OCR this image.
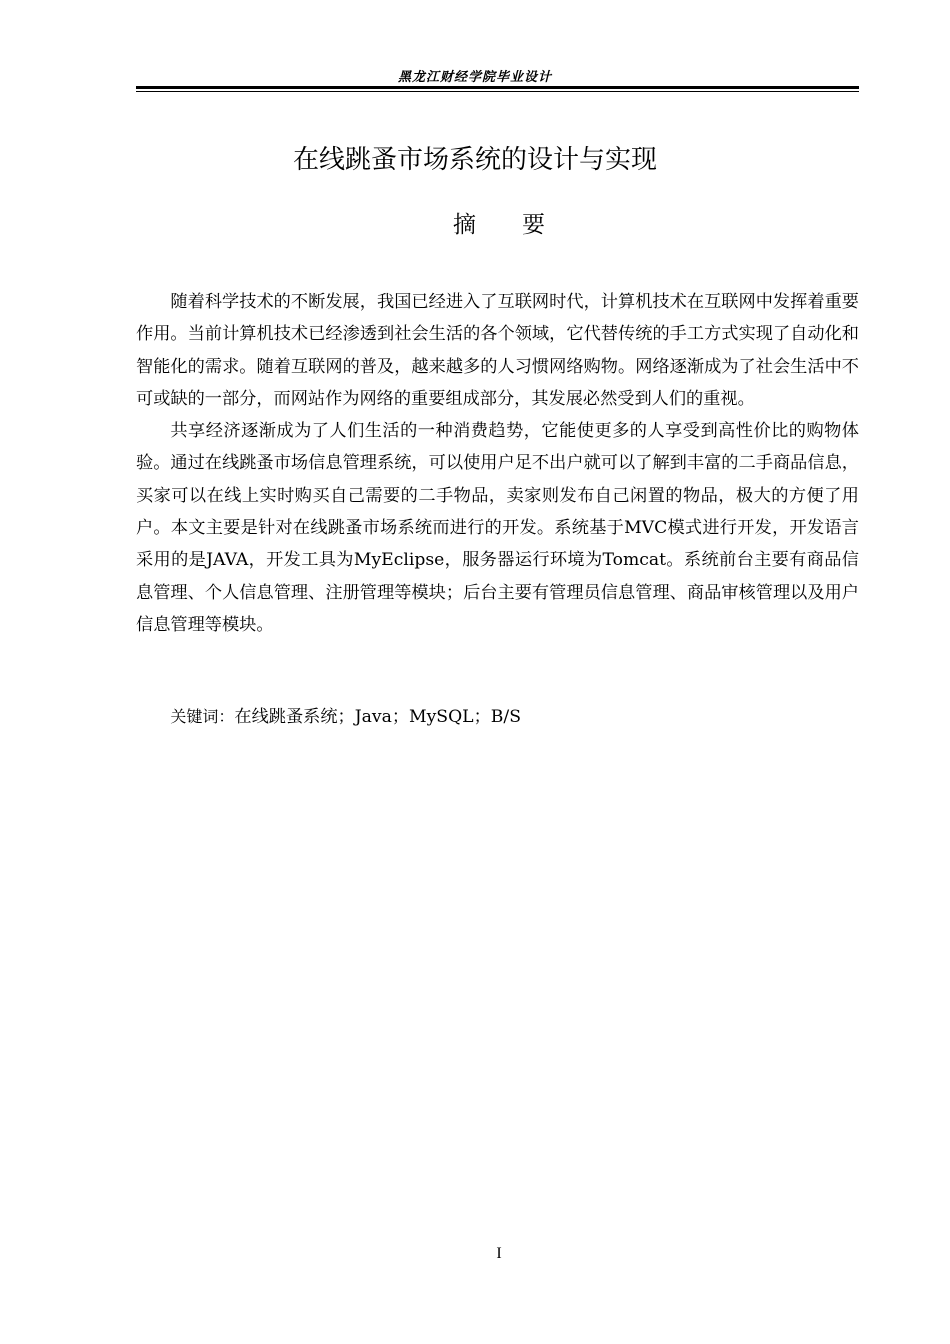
黑龙江财经学院毕业设计
在线跳蚤市场系统的设计与实现
摘 要

随着科学技术的不断发展，我国已经进入了互联网时代，计算机技术在互联网中发挥着重要作用。当前计算机技术已经渗透到社会生活的各个领域，它代替传统的手工方式实现了自动化和智能化的需求。随着互联网的普及，越来越多的人习惯网络购物。网络逐渐成为了社会生活中不可或缺的一部分，而网站作为网络的重要组成部分，其发展必然受到人们的重视。

共享经济逐渐成为了人们生活的一种消费趋势，它能使更多的人享受到高性价比的购物体验。通过在线跳蚤市场信息管理系统，可以使用户足不出户就可以了解到丰富的二手商品信息，买家可以在线上实时购买自己需要的二手物品，卖家则发布自己闲置的物品，极大的方便了用户。本文主要是针对在线跳蚤市场系统而进行的开发。系统基于MVC模式进行开发，开发语言采用的是JAVA，开发工具为MyEclipse，服务器运行环境为Tomcat。系统前台主要有商品信息管理、个人信息管理、注册管理等模块；后台主要有管理员信息管理、商品审核管理以及用户信息管理等模块。

关键词：在线跳蚤系统；Java；MySQL；B/S
I
